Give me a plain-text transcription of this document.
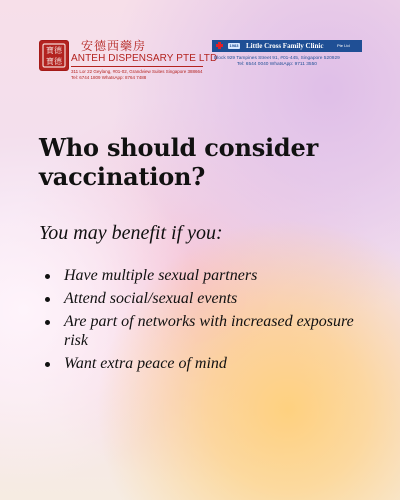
寶德
寶德
安德西藥房
ANTEH DISPENSARY PTE LTD
311 Lor 22 Geylang, #01-02, Grandview Suites Singapore 388664
Tel: 6744 1809 WhatsApp: 8764 7488
1983 Little Cross Family Clinic	Pte Ltd
Block 929 Tampines Street 91, #01-445, Singapore 520929
Tel: 6544 0040 WhatsApp: 9711 3550
Who should consider vaccination?
You may benefit if you:
Have multiple sexual partners
Attend social/sexual events
Are part of networks with increased exposure risk
Want extra peace of mind
